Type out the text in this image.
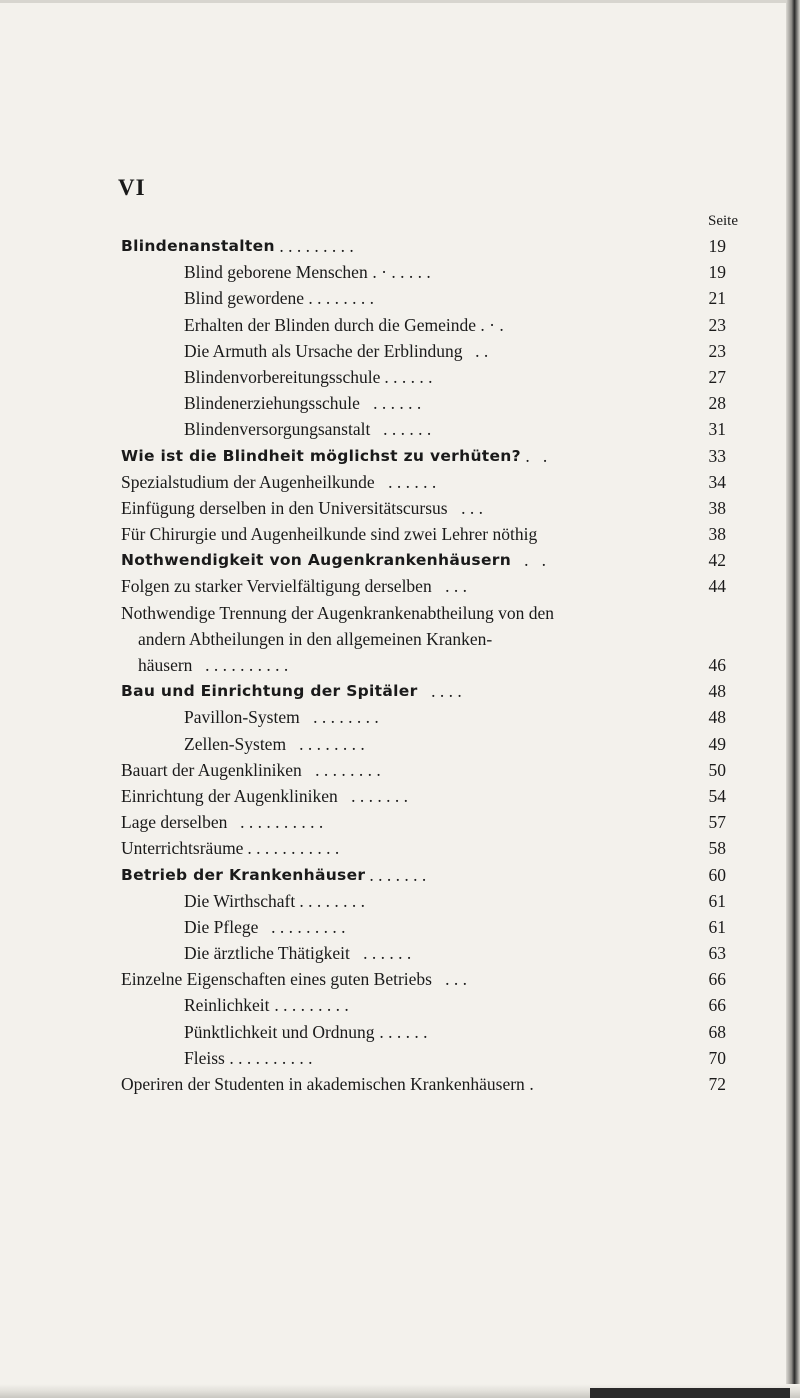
VI
Seite
Blindenanstalten . . . . . . . . .	19
Blind geborene Menschen . · . . . . .	19
Blind gewordene . . . . . . . .	21
Erhalten der Blinden durch die Gemeinde . · .	23
Die Armuth als Ursache der Erblindung . .	23
Blindenvorbereitungsschule . . . . . .	27
Blindenerziehungsschule . . . . . .	28
Blindenversorgungsanstalt . . . . . .	31
Wie ist die Blindheit möglichst zu verhüten? .   .	33
Spezialstudium der Augenheilkunde . . . . . .	34
Einfügung derselben in den Universitätscursus . . .	38
Für Chirurgie und Augenheilkunde sind zwei Lehrer nöthig	38
Nothwendigkeit von Augenkrankenhäusern .   .	42
Folgen zu starker Vervielfältigung derselben . . .	44
Nothwendige Trennung der Augenkrankenabtheilung von den
andern Abtheilungen in den allgemeinen Kranken-
häusern . . . . . . . . . .	46
Bau und Einrichtung der Spitäler . . . .	48
Pavillon-System . . . . . . . .	48
Zellen-System . . . . . . . .	49
Bauart der Augenkliniken . . . . . . . .	50
Einrichtung der Augenkliniken . . . . . . .	54
Lage derselben . . . . . . . . . .	57
Unterrichtsräume . . . . . . . . . . .	58
Betrieb der Krankenhäuser . . . . . . .	60
Die Wirthschaft . . . . . . . .	61
Die Pflege . . . . . . . . .	61
Die ärztliche Thätigkeit . . . . . .	63
Einzelne Eigenschaften eines guten Betriebs . . .	66
Reinlichkeit . . . . . . . . .	66
Pünktlichkeit und Ordnung . . . . . .	68
Fleiss . . . . . . . . . .	70
Operiren der Studenten in akademischen Krankenhäusern .	72
